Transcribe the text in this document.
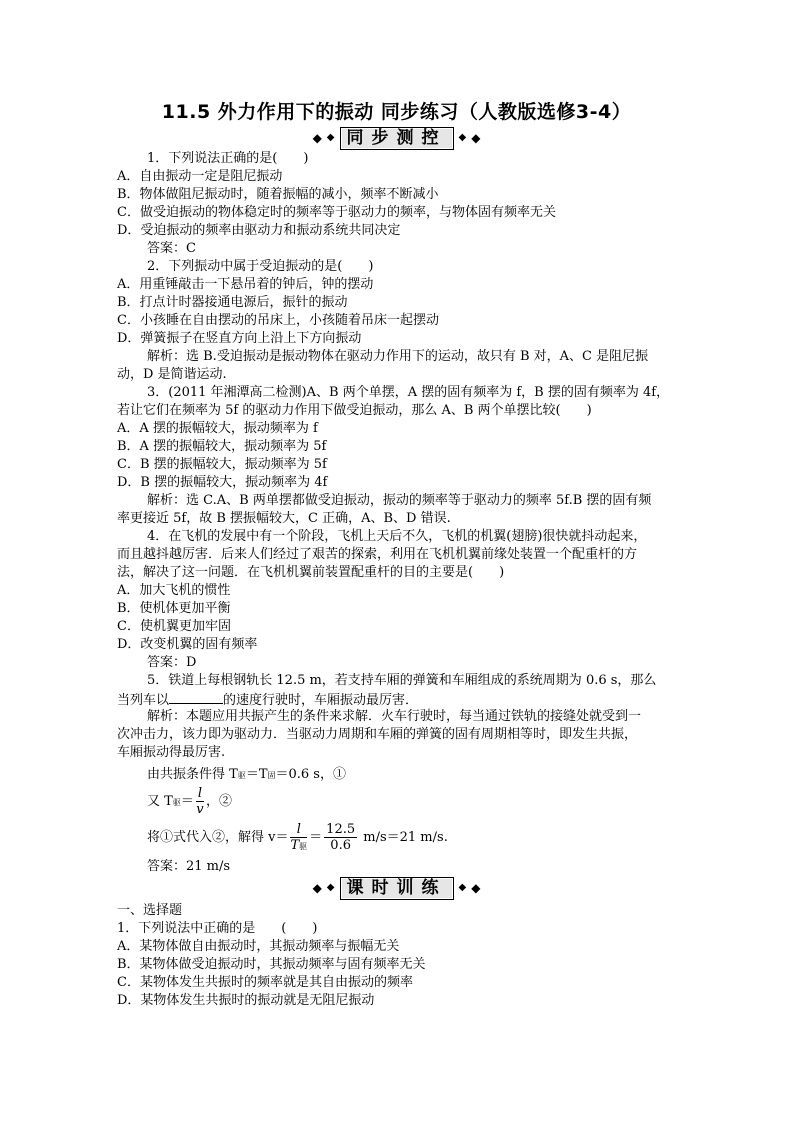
11.5 外力作用下的振动 同步练习（人教版选修3-4）
◆ ◆ 同步测控	◆ ◆
1．下列说法正确的是(　　)
A．自由振动一定是阻尼振动
B．物体做阻尼振动时，随着振幅的减小，频率不断减小
C．做受迫振动的物体稳定时的频率等于驱动力的频率，与物体固有频率无关
D．受迫振动的频率由驱动力和振动系统共同决定
答案：C
2．下列振动中属于受迫振动的是(　　)
A．用重锤敲击一下悬吊着的钟后，钟的摆动
B．打点计时器接通电源后，振针的振动
C．小孩睡在自由摆动的吊床上，小孩随着吊床一起摆动
D．弹簧振子在竖直方向上沿上下方向振动
解析：选 B.受迫振动是振动物体在驱动力作用下的运动，故只有 B 对，A、C 是阻尼振
动，D 是简谐运动.
3．(2011 年湘潭高二检测)A、B 两个单摆，A 摆的固有频率为 f，B 摆的固有频率为 4f，
若让它们在频率为 5f 的驱动力作用下做受迫振动，那么 A、B 两个单摆比较(　　)
A．A 摆的振幅较大，振动频率为 f
B．A 摆的振幅较大，振动频率为 5f
C．B 摆的振幅较大，振动频率为 5f
D．B 摆的振幅较大，振动频率为 4f
解析：选 C.A、B 两单摆都做受迫振动，振动的频率等于驱动力的频率 5f.B 摆的固有频
率更接近 5f，故 B 摆振幅较大，C 正确，A、B、D 错误.
4．在飞机的发展中有一个阶段，飞机上天后不久，飞机的机翼(翅膀)很快就抖动起来，
而且越抖越厉害．后来人们经过了艰苦的探索，利用在飞机机翼前缘处装置一个配重杆的方
法，解决了这一问题．在飞机机翼前装置配重杆的目的主要是(　　)
A．加大飞机的惯性
B．使机体更加平衡
C．使机翼更加牢固
D．改变机翼的固有频率
答案：D
5．铁道上每根钢轨长 12.5 m，若支持车厢的弹簧和车厢组成的系统周期为 0.6 s，那么
当列车以	的速度行驶时，车厢振动最厉害．
解析：本题应用共振产生的条件来求解．火车行驶时，每当通过铁轨的接缝处就受到一
次冲击力，该力即为驱动力．当驱动力周期和车厢的弹簧的固有周期相等时，即发生共振，
车厢振动得最厉害.
由共振条件得 T驱＝T固＝0.6 s，①
又 T驱＝ $\frac{l}{v}$ ，②
将①式代入②，解得 $v= \frac{l}{\text{T驱}} = \frac{12.5}{0.6} m/s=21$ m/s.
答案：21 m/s
◆ ◆ 课时训练	◆ ◆
一、选择题
1．下列说法中正确的是　　(　　)
A．某物体做自由振动时，其振动频率与振幅无关
B．某物体做受迫振动时，其振动频率与固有频率无关
C．某物体发生共振时的频率就是其自由振动的频率
D．某物体发生共振时的振动就是无阻尼振动
